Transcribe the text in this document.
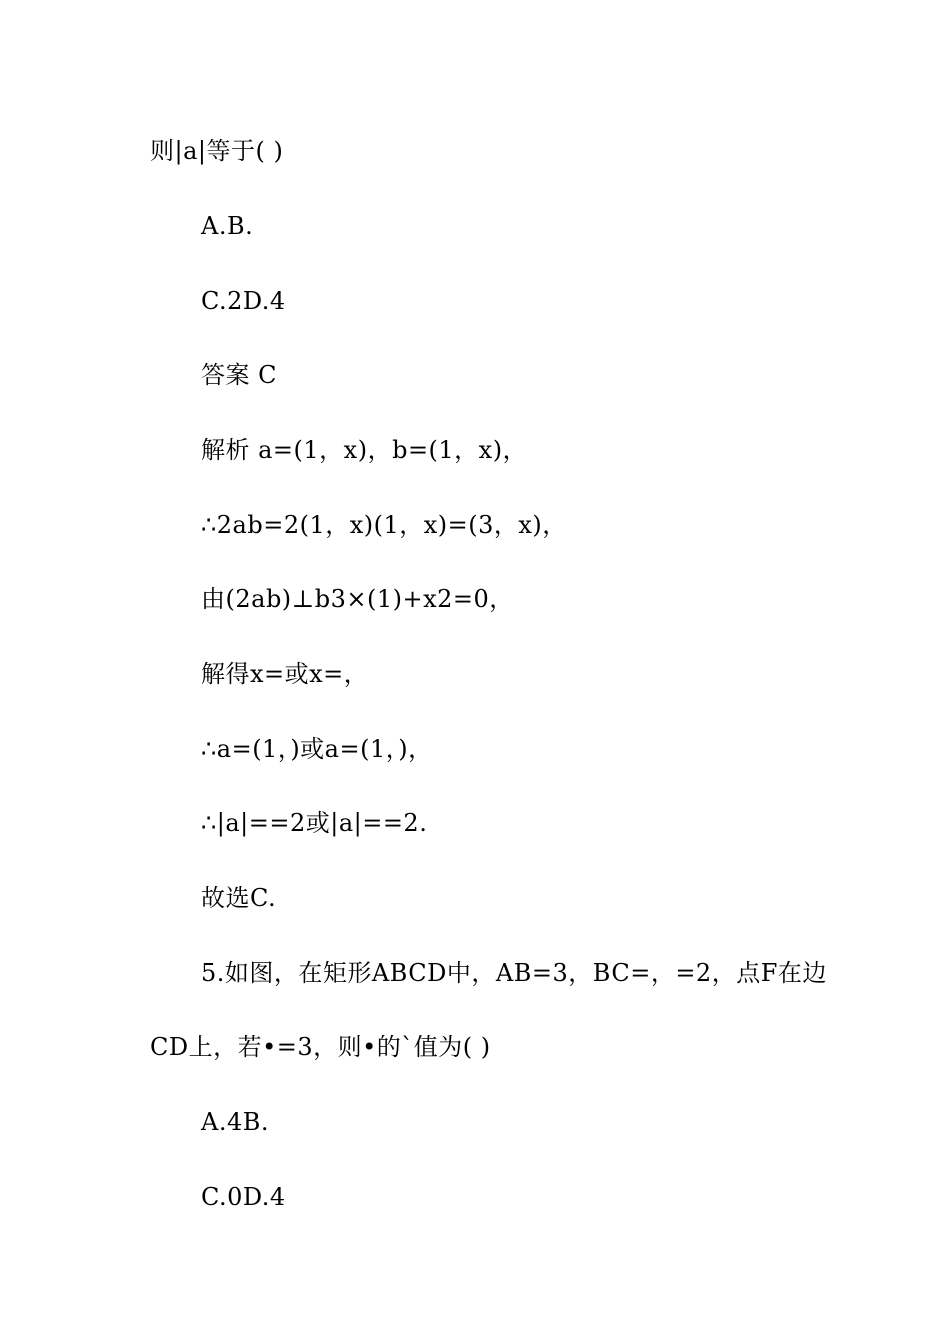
则|a|等于( )
A.B.
C.2D.4
答案 C
解析 a=(1，x)，b=(1，x)，
∴2ab=2(1，x)(1，x)=(3，x)，
由(2ab)⊥b3×(1)+x2=0，
解得x=或x=，
∴a=(1，)或a=(1，)，
∴|a|==2或|a|==2.
故选C.
5.如图，在矩形ABCD中，AB=3，BC=，=2，点F在边
CD上，若•=3，则•的`值为( )
A.4B.
C.0D.4
